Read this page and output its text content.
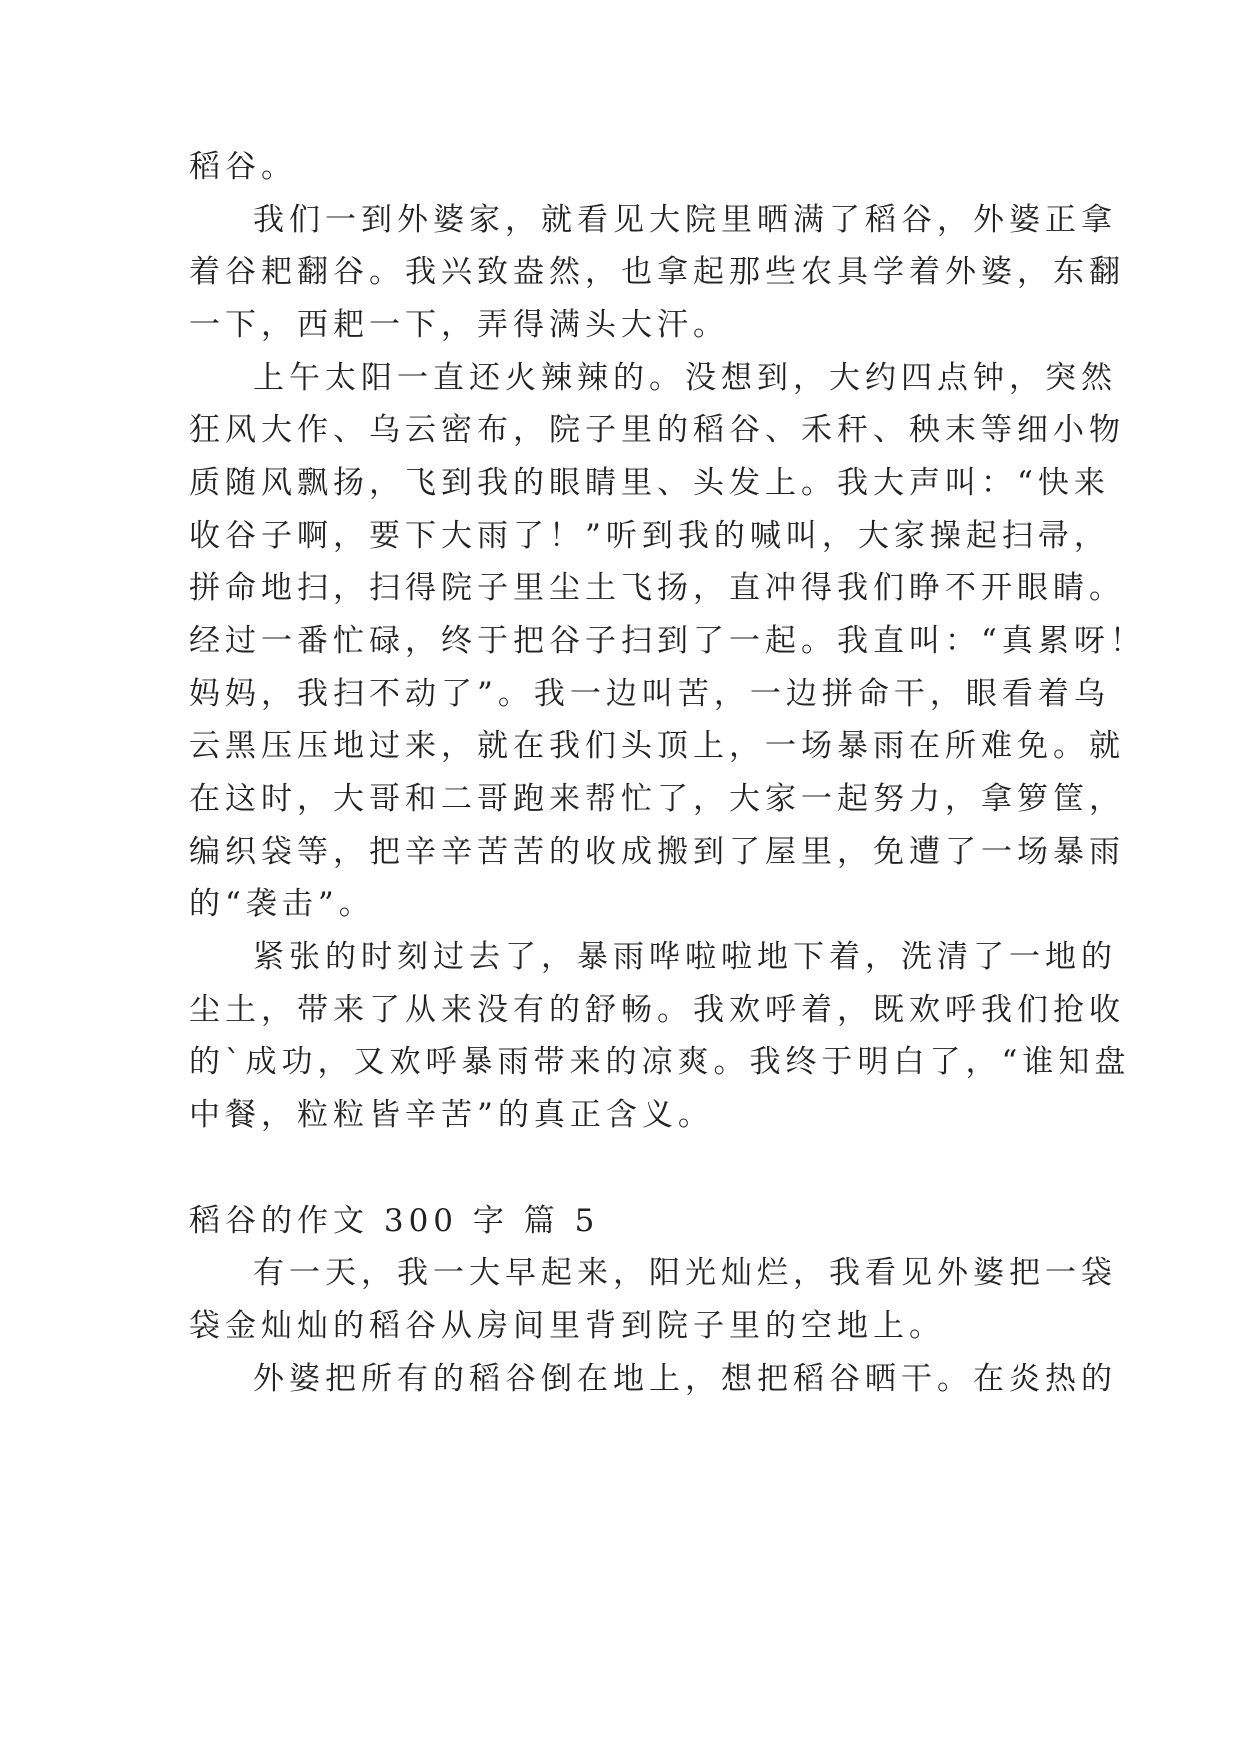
稻谷。
我们一到外婆家，就看见大院里晒满了稻谷，外婆正拿
着谷耙翻谷。我兴致盎然，也拿起那些农具学着外婆，东翻
一下，西耙一下，弄得满头大汗。
上午太阳一直还火辣辣的。没想到，大约四点钟，突然
狂风大作、乌云密布，院子里的稻谷、禾秆、秧末等细小物
质随风飘扬，飞到我的眼睛里、头发上。我大声叫：“快来
收谷子啊，要下大雨了！”听到我的喊叫，大家操起扫帚，
拼命地扫，扫得院子里尘土飞扬，直冲得我们睁不开眼睛。
经过一番忙碌，终于把谷子扫到了一起。我直叫：“真累呀！
妈妈，我扫不动了”。我一边叫苦，一边拼命干，眼看着乌
云黑压压地过来，就在我们头顶上，一场暴雨在所难免。就
在这时，大哥和二哥跑来帮忙了，大家一起努力，拿箩筐，
编织袋等，把辛辛苦苦的收成搬到了屋里，免遭了一场暴雨
的“袭击”。
紧张的时刻过去了，暴雨哗啦啦地下着，洗清了一地的
尘土，带来了从来没有的舒畅。我欢呼着，既欢呼我们抢收
的`成功，又欢呼暴雨带来的凉爽。我终于明白了，“谁知盘
中餐，粒粒皆辛苦”的真正含义。
稻谷的作文 300 字 篇 5
有一天，我一大早起来，阳光灿烂，我看见外婆把一袋
袋金灿灿的稻谷从房间里背到院子里的空地上。
外婆把所有的稻谷倒在地上，想把稻谷晒干。在炎热的
